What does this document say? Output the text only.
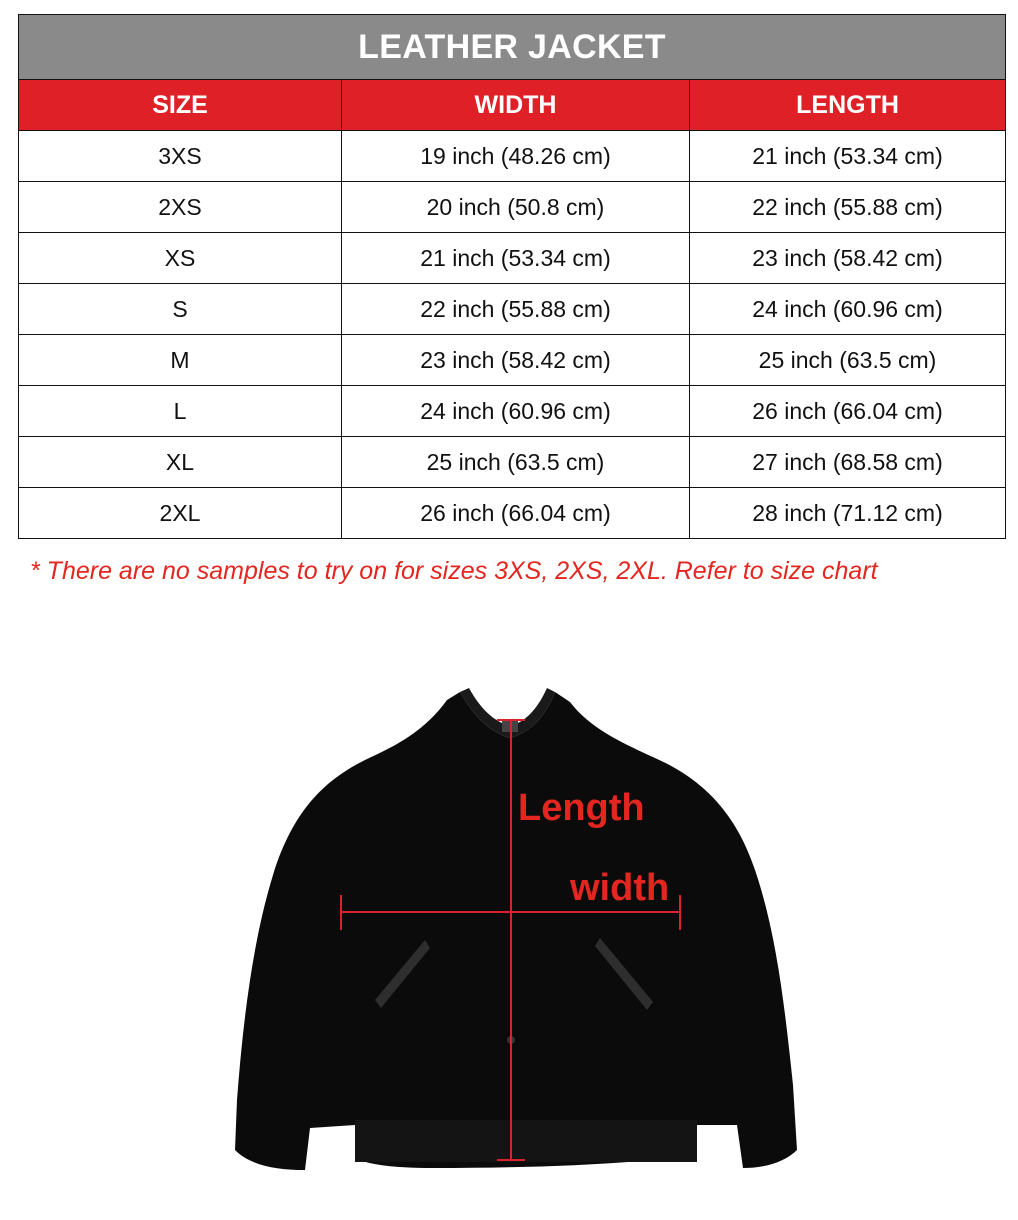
LEATHER JACKET		
SIZE	WIDTH	LENGTH
3XS	19 inch (48.26 cm)	21 inch (53.34 cm)
2XS	20 inch (50.8 cm)	22 inch (55.88 cm)
XS	21 inch (53.34 cm)	23 inch (58.42 cm)
S	22 inch (55.88 cm)	24 inch (60.96 cm)
M	23 inch (58.42 cm)	25 inch (63.5 cm)
L	24 inch (60.96 cm)	26 inch (66.04 cm)
XL	25 inch (63.5 cm)	27 inch (68.58 cm)
2XL	26 inch (66.04 cm)	28 inch (71.12 cm)
* There are no samples to try on for sizes 3XS, 2XS, 2XL. Refer to size chart
Length
width
